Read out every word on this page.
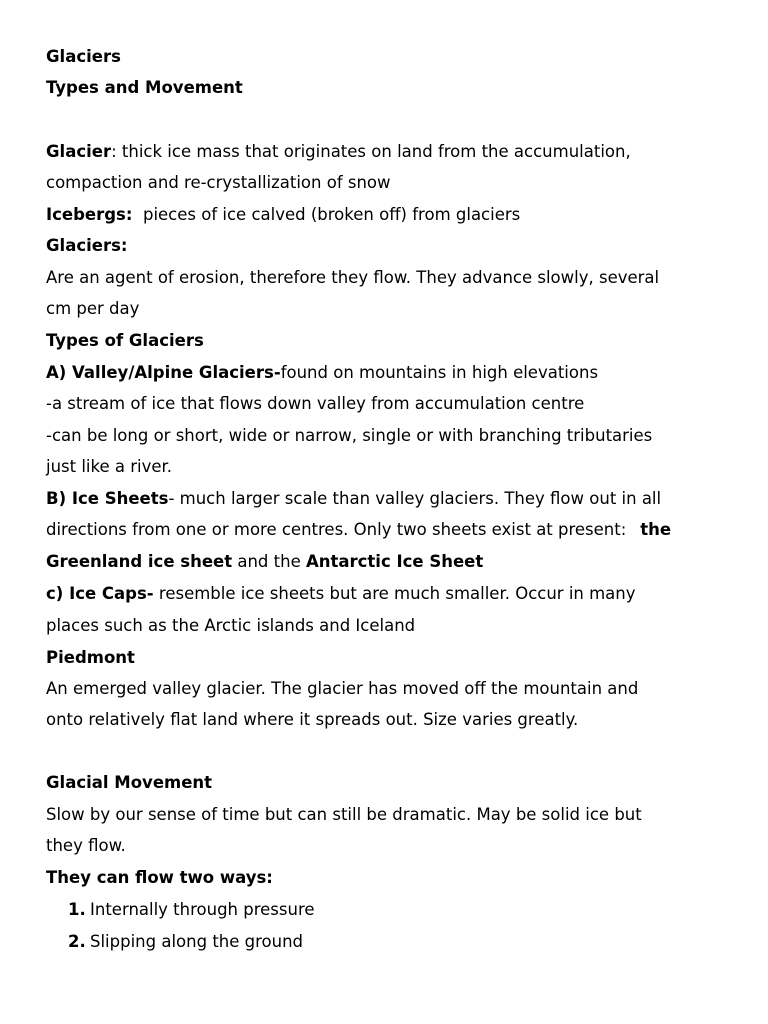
Glaciers
Types and Movement
Glacier: thick ice mass that originates on land from the accumulation,
compaction and re-crystallization of snow
Icebergs:  pieces of ice calved (broken off) from glaciers
Glaciers:
Are an agent of erosion, therefore they flow. They advance slowly, several
cm per day
Types of Glaciers
A) Valley/Alpine Glaciers-found on mountains in high elevations
-a stream of ice that flows down valley from accumulation centre
-can be long or short, wide or narrow, single or with branching tributaries
just like a river.
B) Ice Sheets- much larger scale than valley glaciers. They flow out in all
directions from one or more centres. Only two sheets exist at present: the
Greenland ice sheet and the Antarctic Ice Sheet
c) Ice Caps- resemble ice sheets but are much smaller. Occur in many
places such as the Arctic islands and Iceland
Piedmont
An emerged valley glacier. The glacier has moved off the mountain and
onto relatively flat land where it spreads out. Size varies greatly.
Glacial Movement
Slow by our sense of time but can still be dramatic. May be solid ice but
they flow.
They can flow two ways:
1. Internally through pressure
2. Slipping along the ground
